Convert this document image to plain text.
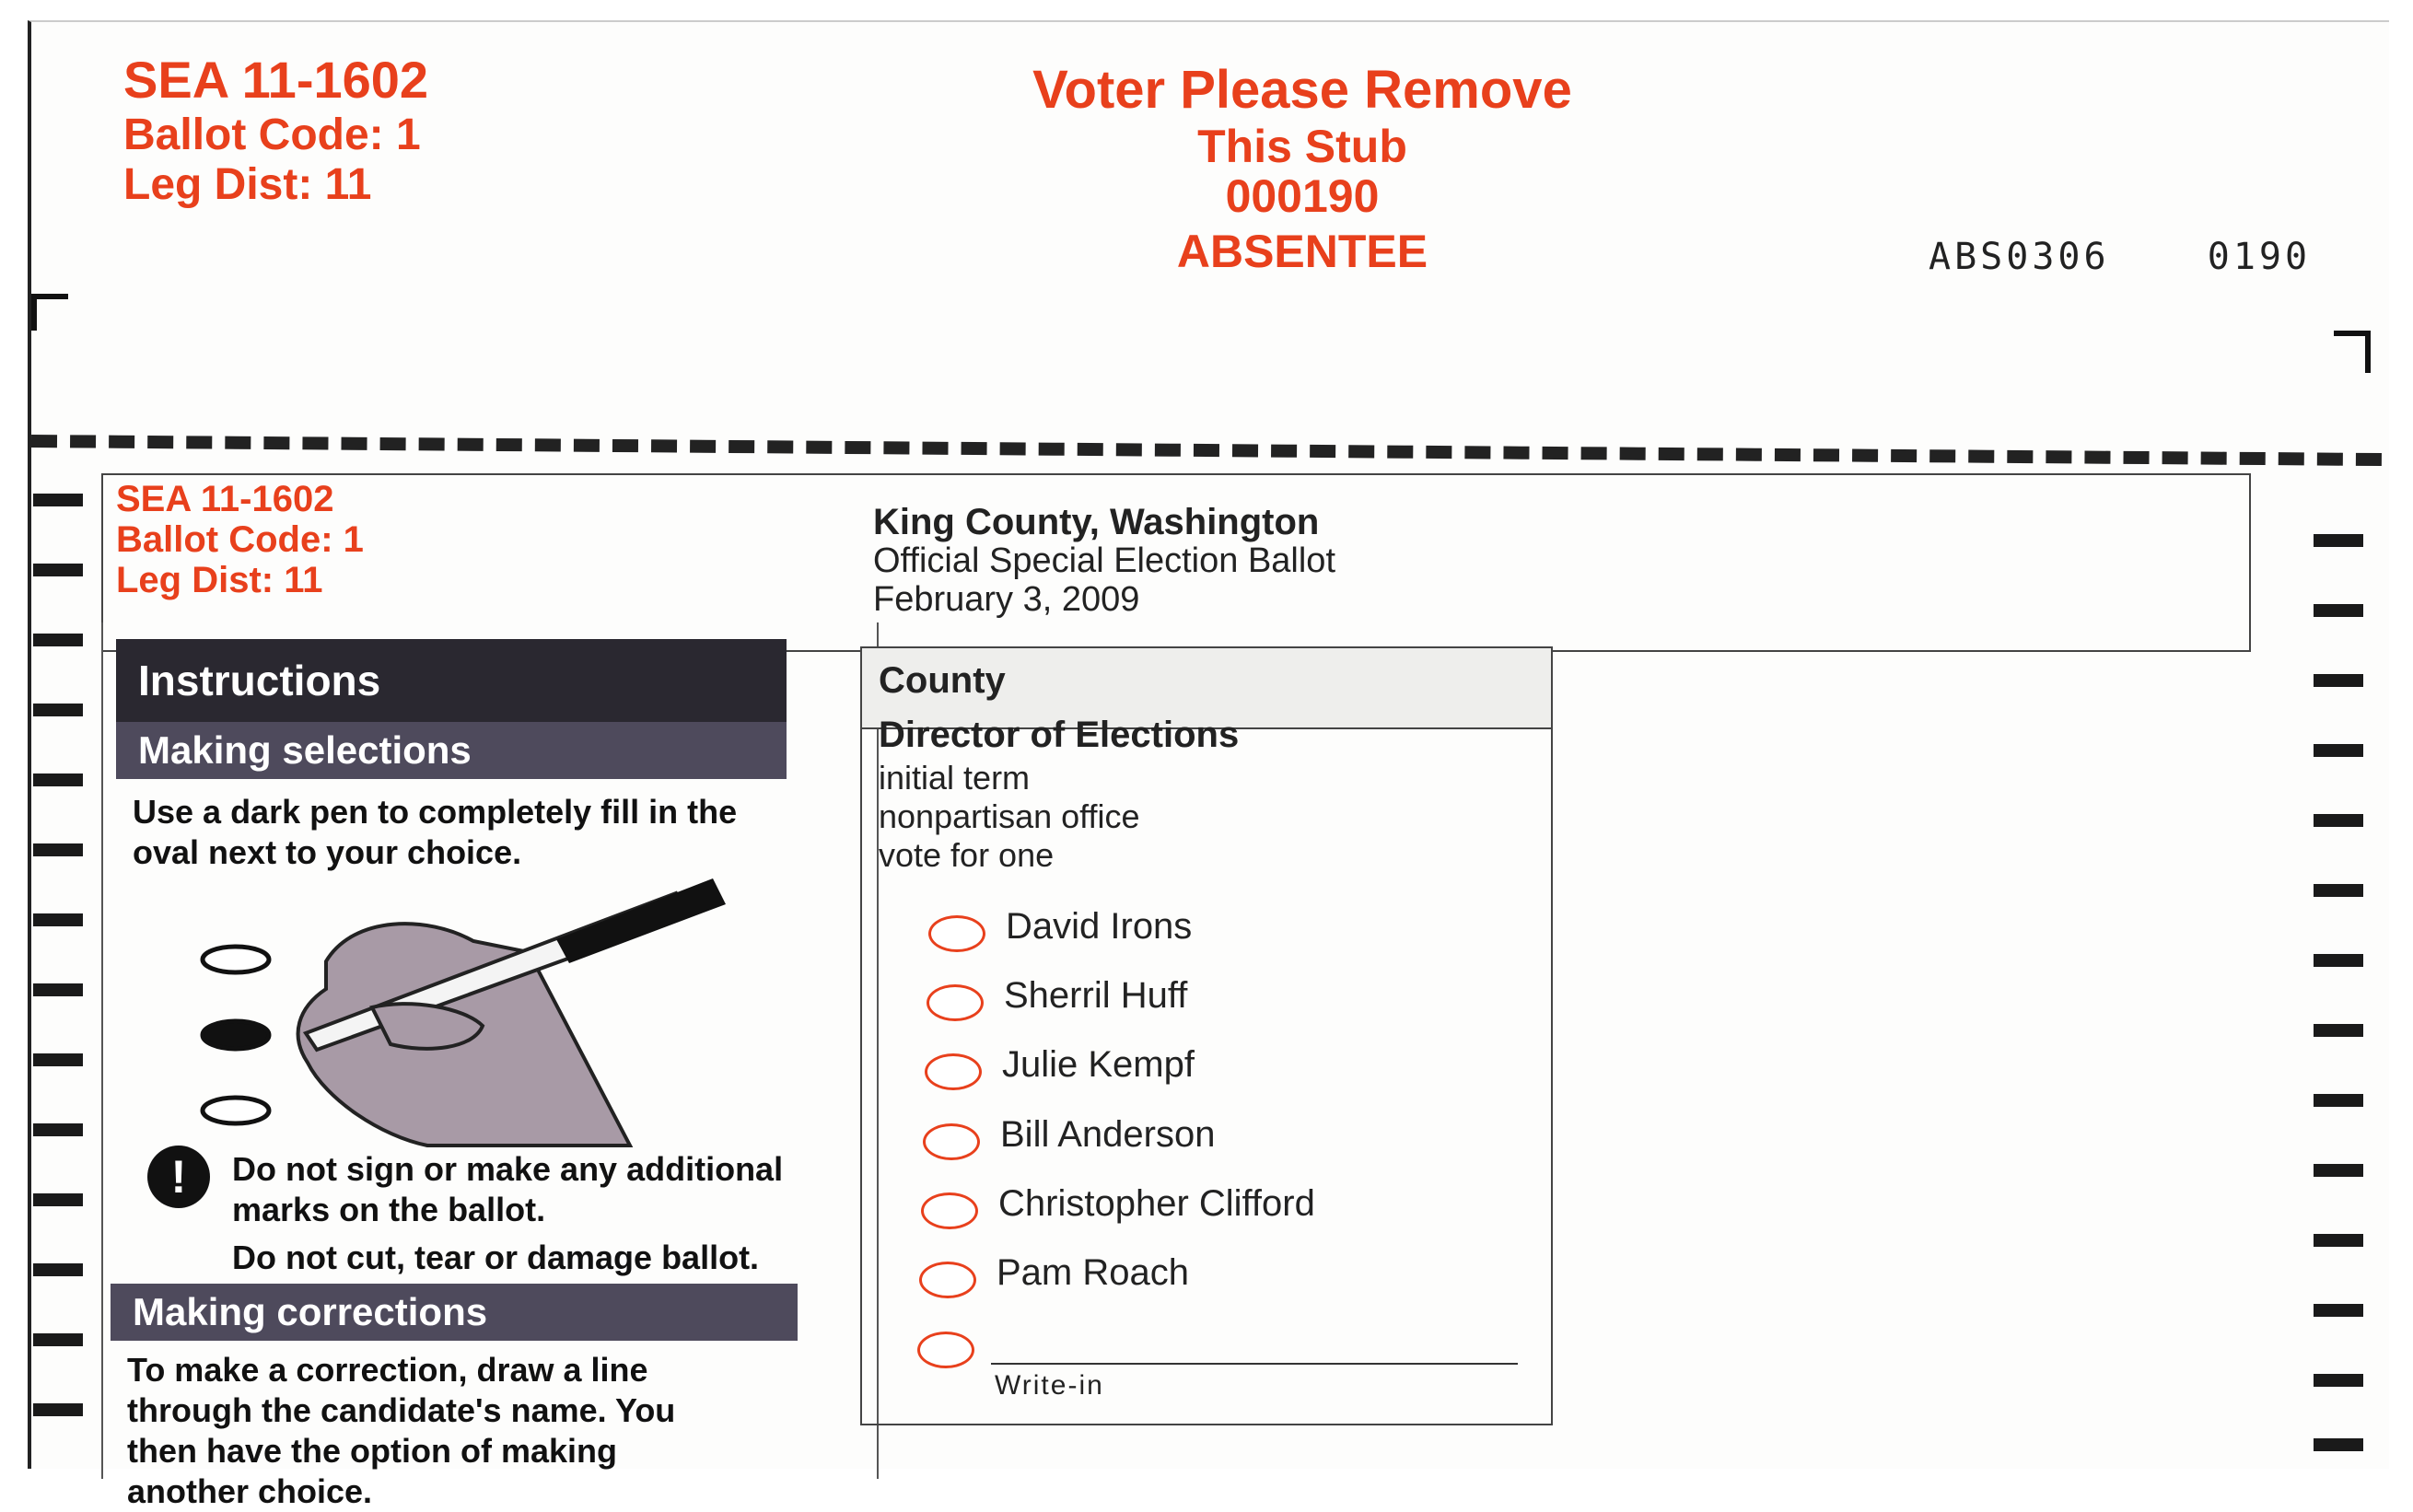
SEA 11-1602
Ballot Code: 1
Leg Dist: 11
Voter Please Remove
This Stub
000190
ABSENTEE	ABS0306	0190
SEA 11-1602
Ballot Code: 1
Leg Dist: 11
King County, Washington
Official Special Election Ballot
February 3, 2009
Instructions
Making selections
Use a dark pen to completely fill in the oval next to your choice.
!	Do not sign or make any additional marks on the ballot.
Do not cut, tear or damage ballot.
Making corrections
To make a correction, draw a line through the candidate's name. You then have the option of making another choice.
County
Director of Elections
initial term
nonpartisan office
vote for one
David Irons
Sherril Huff
Julie Kempf
Bill Anderson
Christopher Clifford
Pam Roach
Write-in
